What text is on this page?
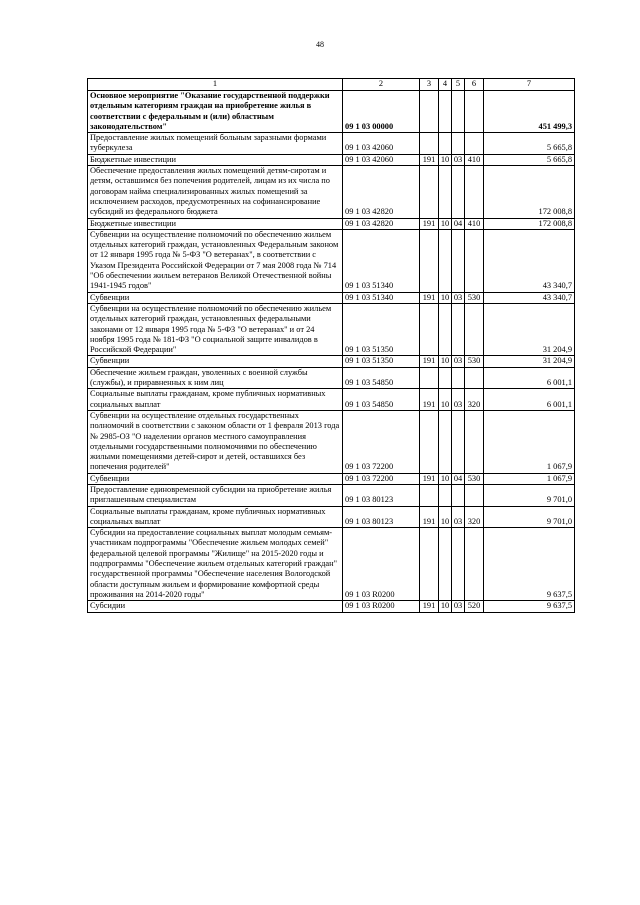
48
1	2	3	4	5	6	7
Основное мероприятие "Оказание государственной поддержки отдельным категориям граждан на приобретение жилья в соответствии с федеральным и (или) областным законодательством"	09 1 03 00000					451 499,3
Предоставление жилых помещений больным заразными формами туберкулеза	09 1 03 42060					5 665,8
Бюджетные инвестиции	09 1 03 42060	191	10	03	410	5 665,8
Обеспечение предоставления жилых помещений детям-сиротам и детям, оставшимся без попечения родителей, лицам из их числа по договорам найма специализированных жилых помещений за исключением расходов, предусмотренных на софинансирование субсидий из федерального бюджета	09 1 03 42820					172 008,8
Бюджетные инвестиции	09 1 03 42820	191	10	04	410	172 008,8
Субвенции на осуществление полномочий по обеспечению жильем отдельных категорий граждан, установленных Федеральным законом от 12 января 1995 года № 5-ФЗ "О ветеранах", в соответствии с Указом Президента Российской Федерации от 7 мая 2008 года № 714 "Об обеспечении жильем ветеранов Великой Отечественной войны 1941-1945 годов"	09 1 03 51340					43 340,7
Субвенции	09 1 03 51340	191	10	03	530	43 340,7
Субвенции на осуществление полномочий по обеспечению жильем отдельных категорий граждан, установленных федеральными законами от 12 января 1995 года № 5-ФЗ "О ветеранах" и от 24 ноября 1995 года № 181-ФЗ "О социальной защите инвалидов в Российской Федерации"	09 1 03 51350					31 204,9
Субвенции	09 1 03 51350	191	10	03	530	31 204,9
Обеспечение жильем граждан, уволенных с военной службы (службы), и приравненных к ним лиц	09 1 03 54850					6 001,1
Социальные выплаты гражданам, кроме публичных нормативных социальных выплат	09 1 03 54850	191	10	03	320	6 001,1
Субвенции на осуществление отдельных государственных полномочий в соответствии с законом области от 1 февраля 2013 года № 2985-ОЗ "О наделении органов местного самоуправления отдельными государственными полномочиями по обеспечению жилыми помещениями детей-сирот и детей, оставшихся без попечения родителей"	09 1 03 72200					1 067,9
Субвенции	09 1 03 72200	191	10	04	530	1 067,9
Предоставление единовременной субсидии на приобретение жилья приглашенным специалистам	09 1 03 80123					9 701,0
Социальные выплаты гражданам, кроме публичных нормативных социальных выплат	09 1 03 80123	191	10	03	320	9 701,0
Субсидии на предоставление социальных выплат молодым семьям-участникам подпрограммы "Обеспечение жильем молодых семей" федеральной целевой программы "Жилище" на 2015-2020 годы и подпрограммы "Обеспечение жильем отдельных категорий граждан" государственной программы "Обеспечение населения Вологодской области доступным жильем и формирование комфортной среды проживания на 2014-2020 годы"	09 1 03 R0200					9 637,5
Субсидии	09 1 03 R0200	191	10	03	520	9 637,5
